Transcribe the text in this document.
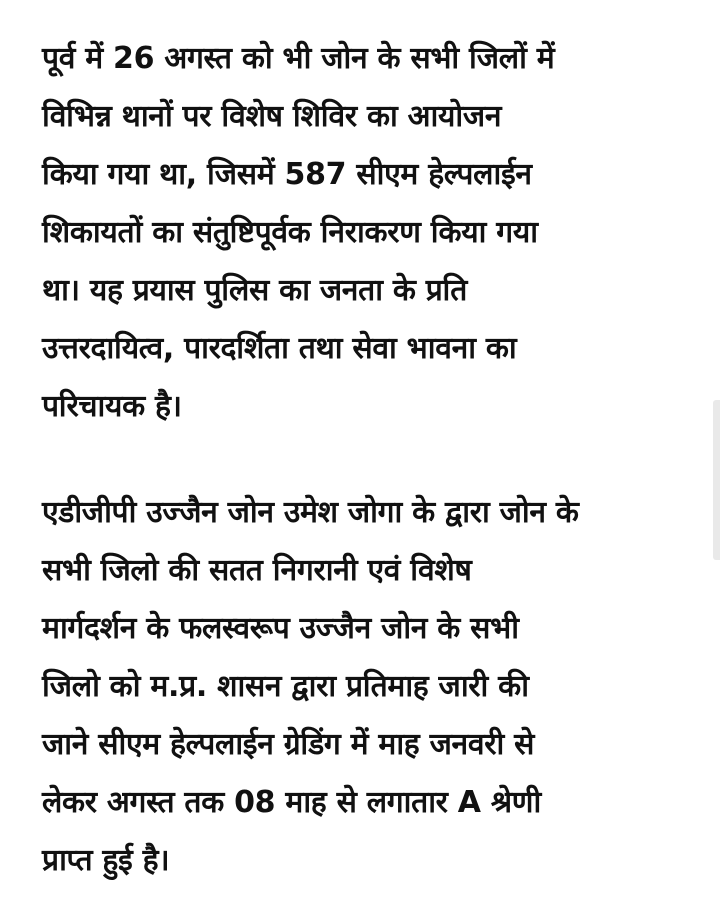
पूर्व में 26 अगस्त को भी जोन के सभी जिलों में
विभिन्न थानों पर विशेष शिविर का आयोजन
किया गया था, जिसमें 587 सीएम हेल्पलाईन
शिकायतों का संतुष्टिपूर्वक निराकरण किया गया
था। यह प्रयास पुलिस का जनता के प्रति
उत्तरदायित्व, पारदर्शिता तथा सेवा भावना का
परिचायक है।

एडीजीपी उज्जैन जोन उमेश जोगा के द्वारा जोन के
सभी जिलो की सतत निगरानी एवं विशेष
मार्गदर्शन के फलस्वरूप उज्जैन जोन के सभी
जिलो को म.प्र. शासन द्वारा प्रतिमाह जारी की
जाने सीएम हेल्पलाईन ग्रेडिंग में माह जनवरी से
लेकर अगस्त तक 08 माह से लगातार A श्रेणी
प्राप्त हुई है।
